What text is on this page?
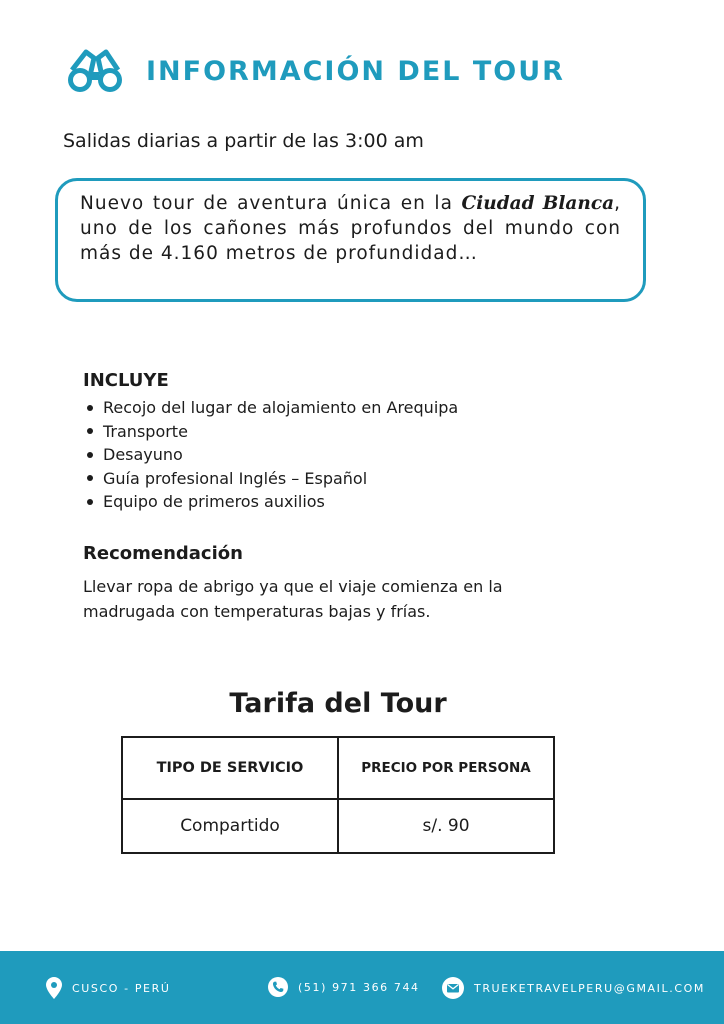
INFORMACIÓN DEL TOUR
Salidas diarias a partir de las 3:00 am
Nuevo tour de aventura única en la Ciudad Blanca, uno de los cañones más profundos del mundo con más de 4.160 metros de profundidad…
INCLUYE
Recojo del lugar de alojamiento en Arequipa
Transporte
Desayuno
Guía profesional Inglés – Español
Equipo de primeros auxilios
Recomendación

Llevar ropa de abrigo ya que el viaje comienza en la madrugada con temperaturas bajas y frías.

Tarifa del Tour
TIPO DE SERVICIO	PRECIO POR PERSONA
Compartido	s/. 90
CUSCO - PERÚ	(51) 971 366 744	TRUEKETRAVELPERU@GMAIL.COM
